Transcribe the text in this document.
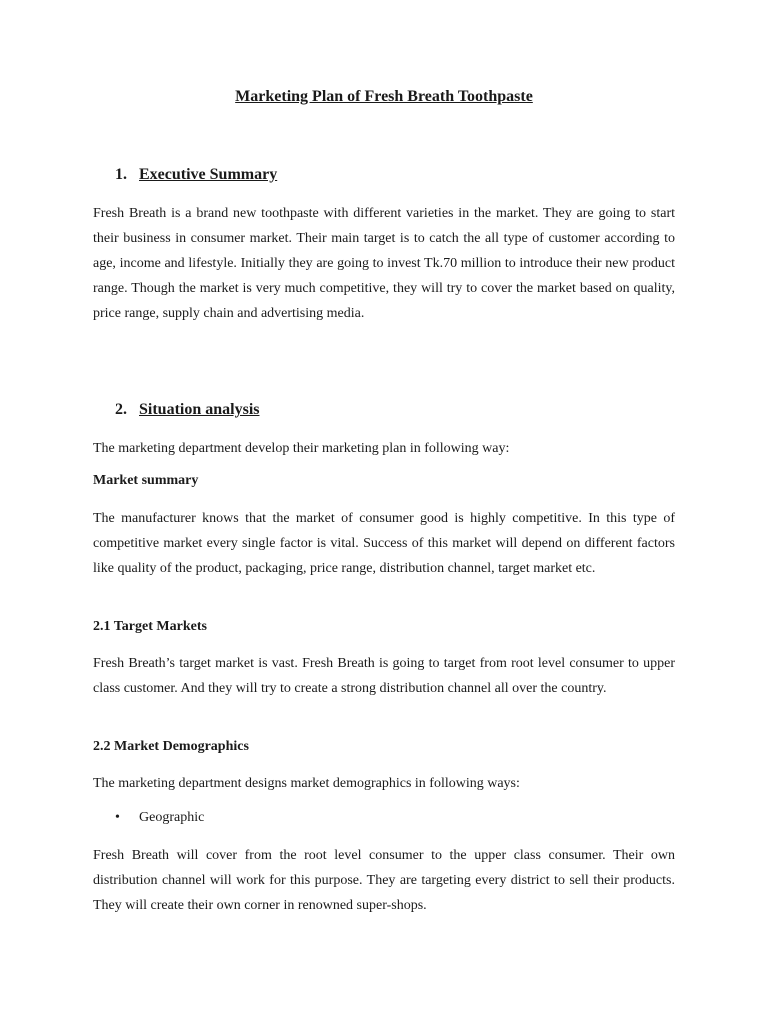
Marketing Plan of Fresh Breath Toothpaste
1. Executive Summary

Fresh Breath is a brand new toothpaste with different varieties in the market. They are going to start their business in consumer market. Their main target is to catch the all type of customer according to age, income and lifestyle. Initially they are going to invest Tk.70 million to introduce their new product range. Though the market is very much competitive, they will try to cover the market based on quality, price range, supply chain and advertising media.

2. Situation analysis

The marketing department develop their marketing plan in following way:

Market summary

The manufacturer knows that the market of consumer good is highly competitive. In this type of competitive market every single factor is vital. Success of this market will depend on different factors like quality of the product, packaging, price range, distribution channel, target market etc.

2.1 Target Markets

Fresh Breath’s target market is vast. Fresh Breath is going to target from root level consumer to upper class customer. And they will try to create a strong distribution channel all over the country.

2.2 Market Demographics

The marketing department designs market demographics in following ways:

• Geographic

Fresh Breath will cover from the root level consumer to the upper class consumer. Their own distribution channel will work for this purpose. They are targeting every district to sell their products. They will create their own corner in renowned super-shops.
